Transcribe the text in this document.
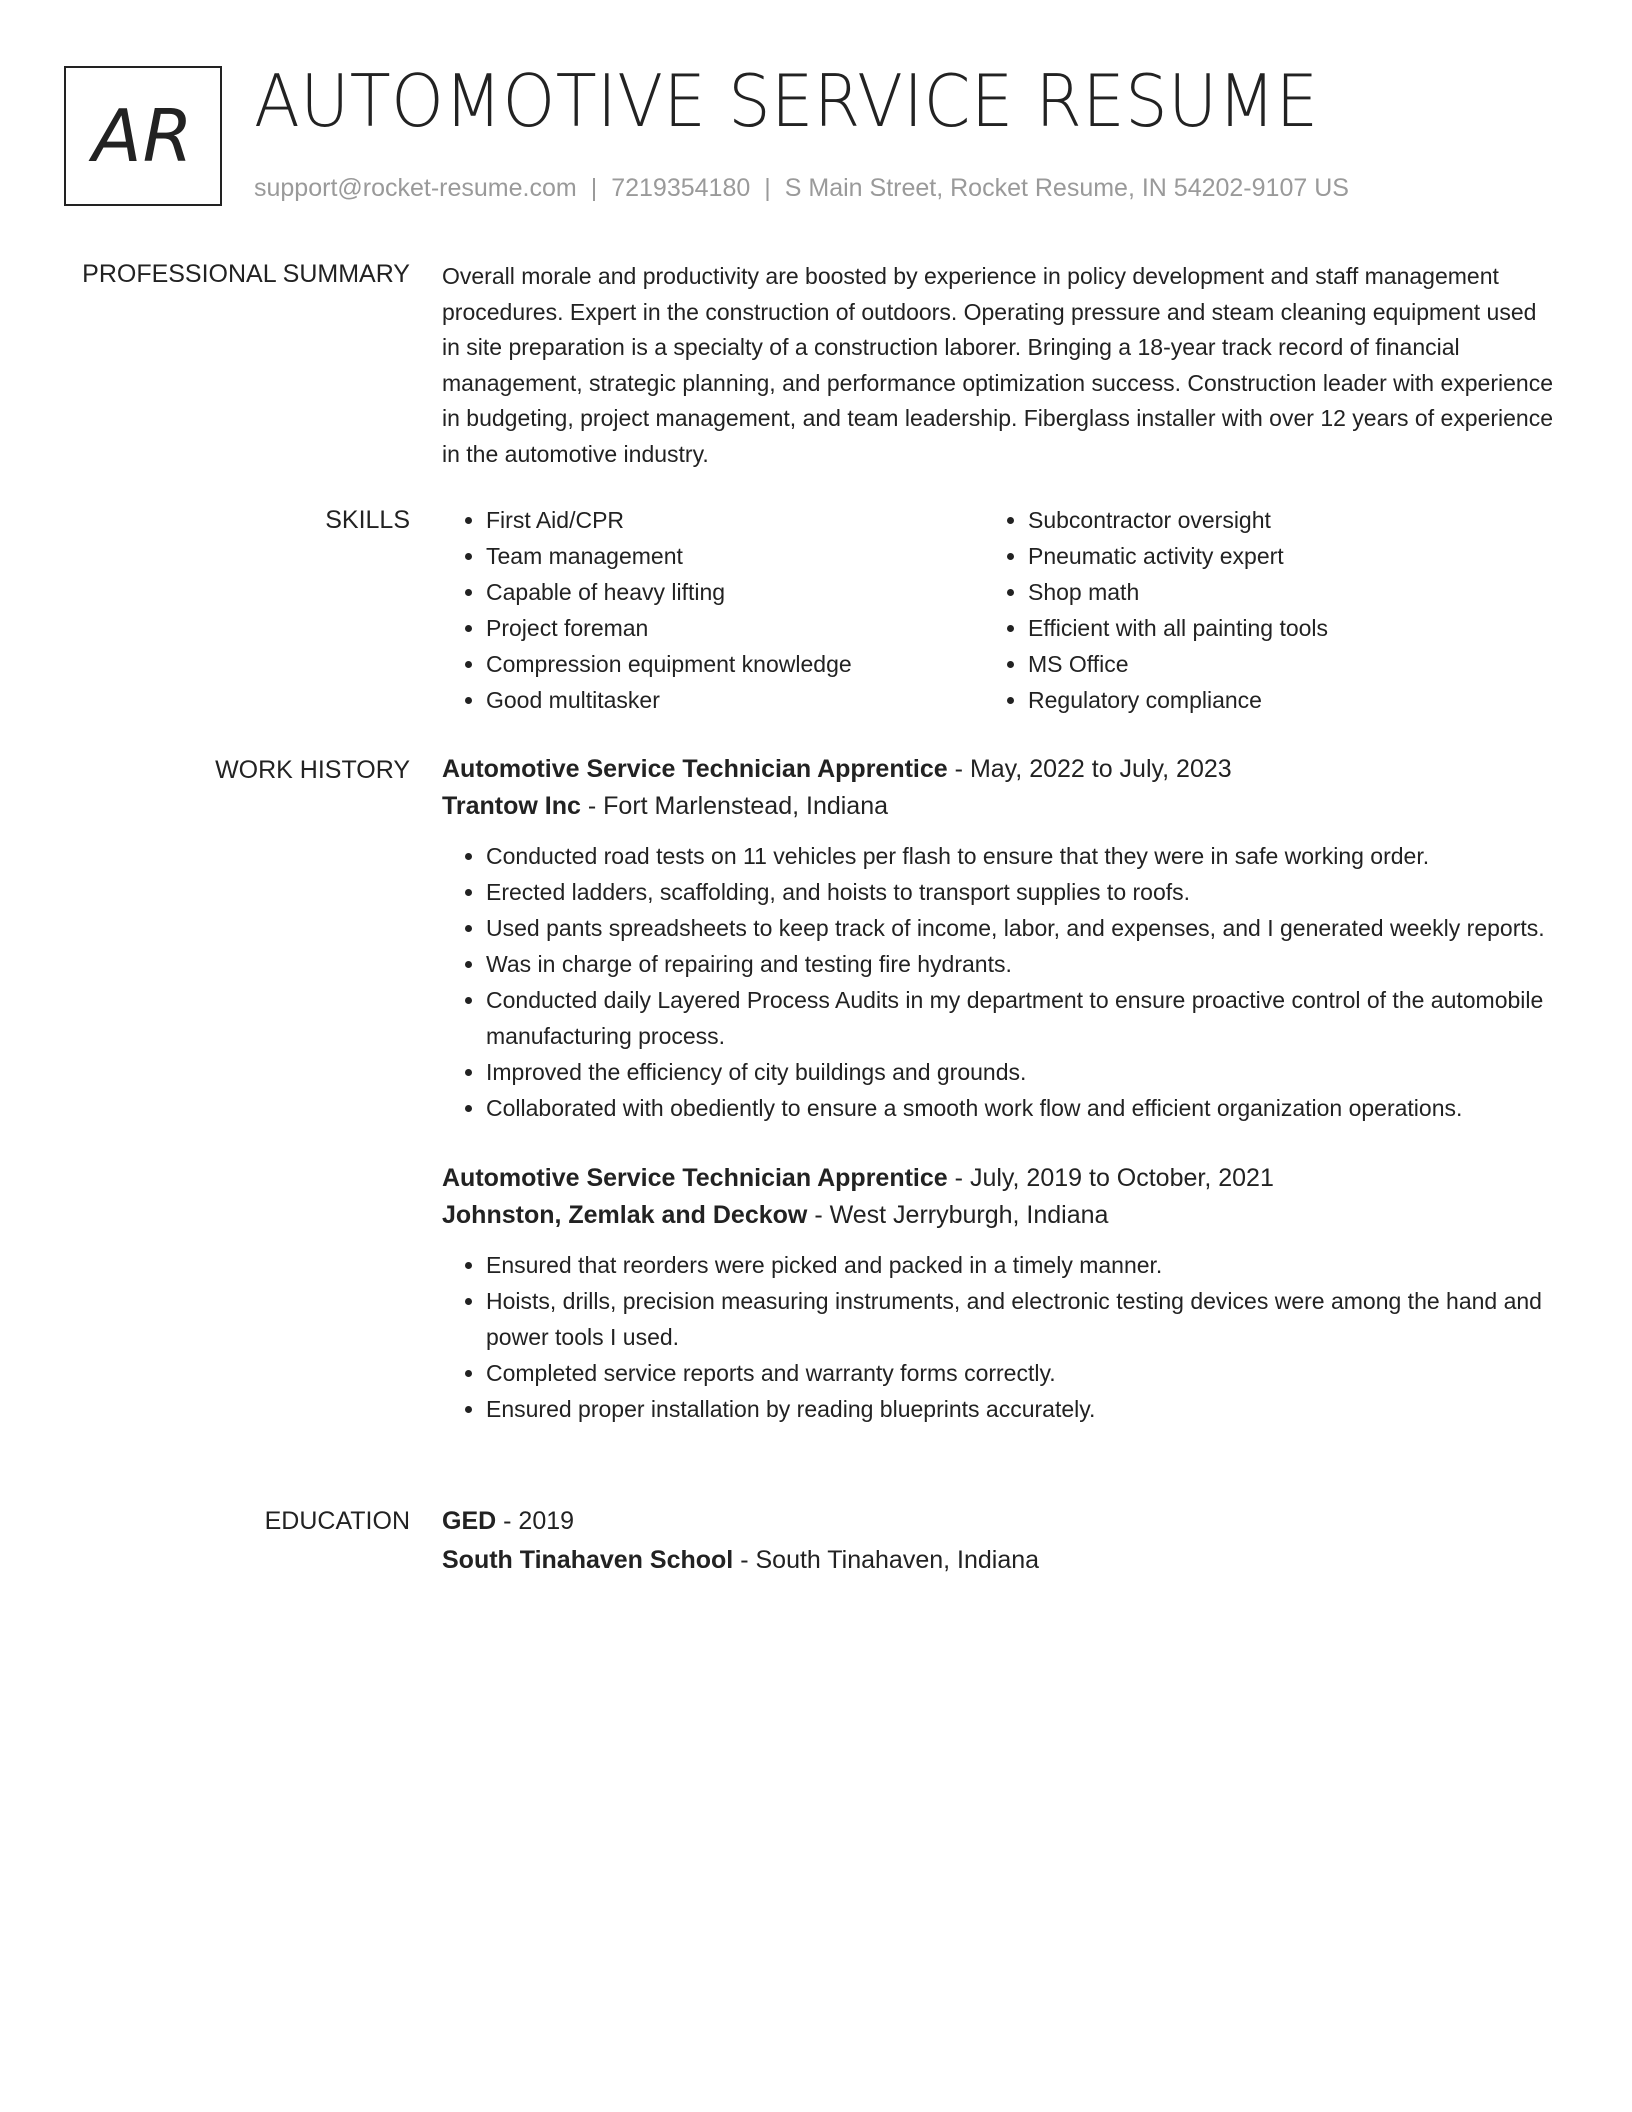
AR AUTOMOTIVE SERVICE RESUME
support@rocket-resume.com | 7219354180 | S Main Street, Rocket Resume, IN 54202-9107 US
PROFESSIONAL SUMMARY Overall morale and productivity are boosted by experience in policy development and staff management procedures. Expert in the construction of outdoors. Operating pressure and steam cleaning equipment used in site preparation is a specialty of a construction laborer. Bringing a 18-year track record of financial management, strategic planning, and performance optimization success. Construction leader with experience in budgeting, project management, and team leadership. Fiberglass installer with over 12 years of experience in the automotive industry.

SKILLS
•	First Aid/CPR
• Team management
• Capable of heavy lifting
• Project foreman
• Compression equipment knowledge
• Good multitasker
• Subcontractor oversight
• Pneumatic activity expert
• Shop math
• Efficient with all painting tools
• MS Office
• Regulatory compliance
WORK HISTORY Automotive Service Technician Apprentice - May, 2022 to July, 2023
Trantow Inc - Fort Marlenstead, Indiana
• Conducted road tests on 11 vehicles per flash to ensure that they were in safe working order.
• Erected ladders, scaffolding, and hoists to transport supplies to roofs.
• Used pants spreadsheets to keep track of income, labor, and expenses, and I generated weekly reports.
• Was in charge of repairing and testing fire hydrants.
• Conducted daily Layered Process Audits in my department to ensure proactive control of the automobile manufacturing process.
• Improved the efficiency of city buildings and grounds.
• Collaborated with obediently to ensure a smooth work flow and efficient organization operations.
Automotive Service Technician Apprentice - July, 2019 to October, 2021
Johnston, Zemlak and Deckow - West Jerryburgh, Indiana
• Ensured that reorders were picked and packed in a timely manner.
• Hoists, drills, precision measuring instruments, and electronic testing devices were among the hand and power tools I used.
• Completed service reports and warranty forms correctly.
• Ensured proper installation by reading blueprints accurately.
EDUCATION GED - 2019
South Tinahaven School - South Tinahaven, Indiana
